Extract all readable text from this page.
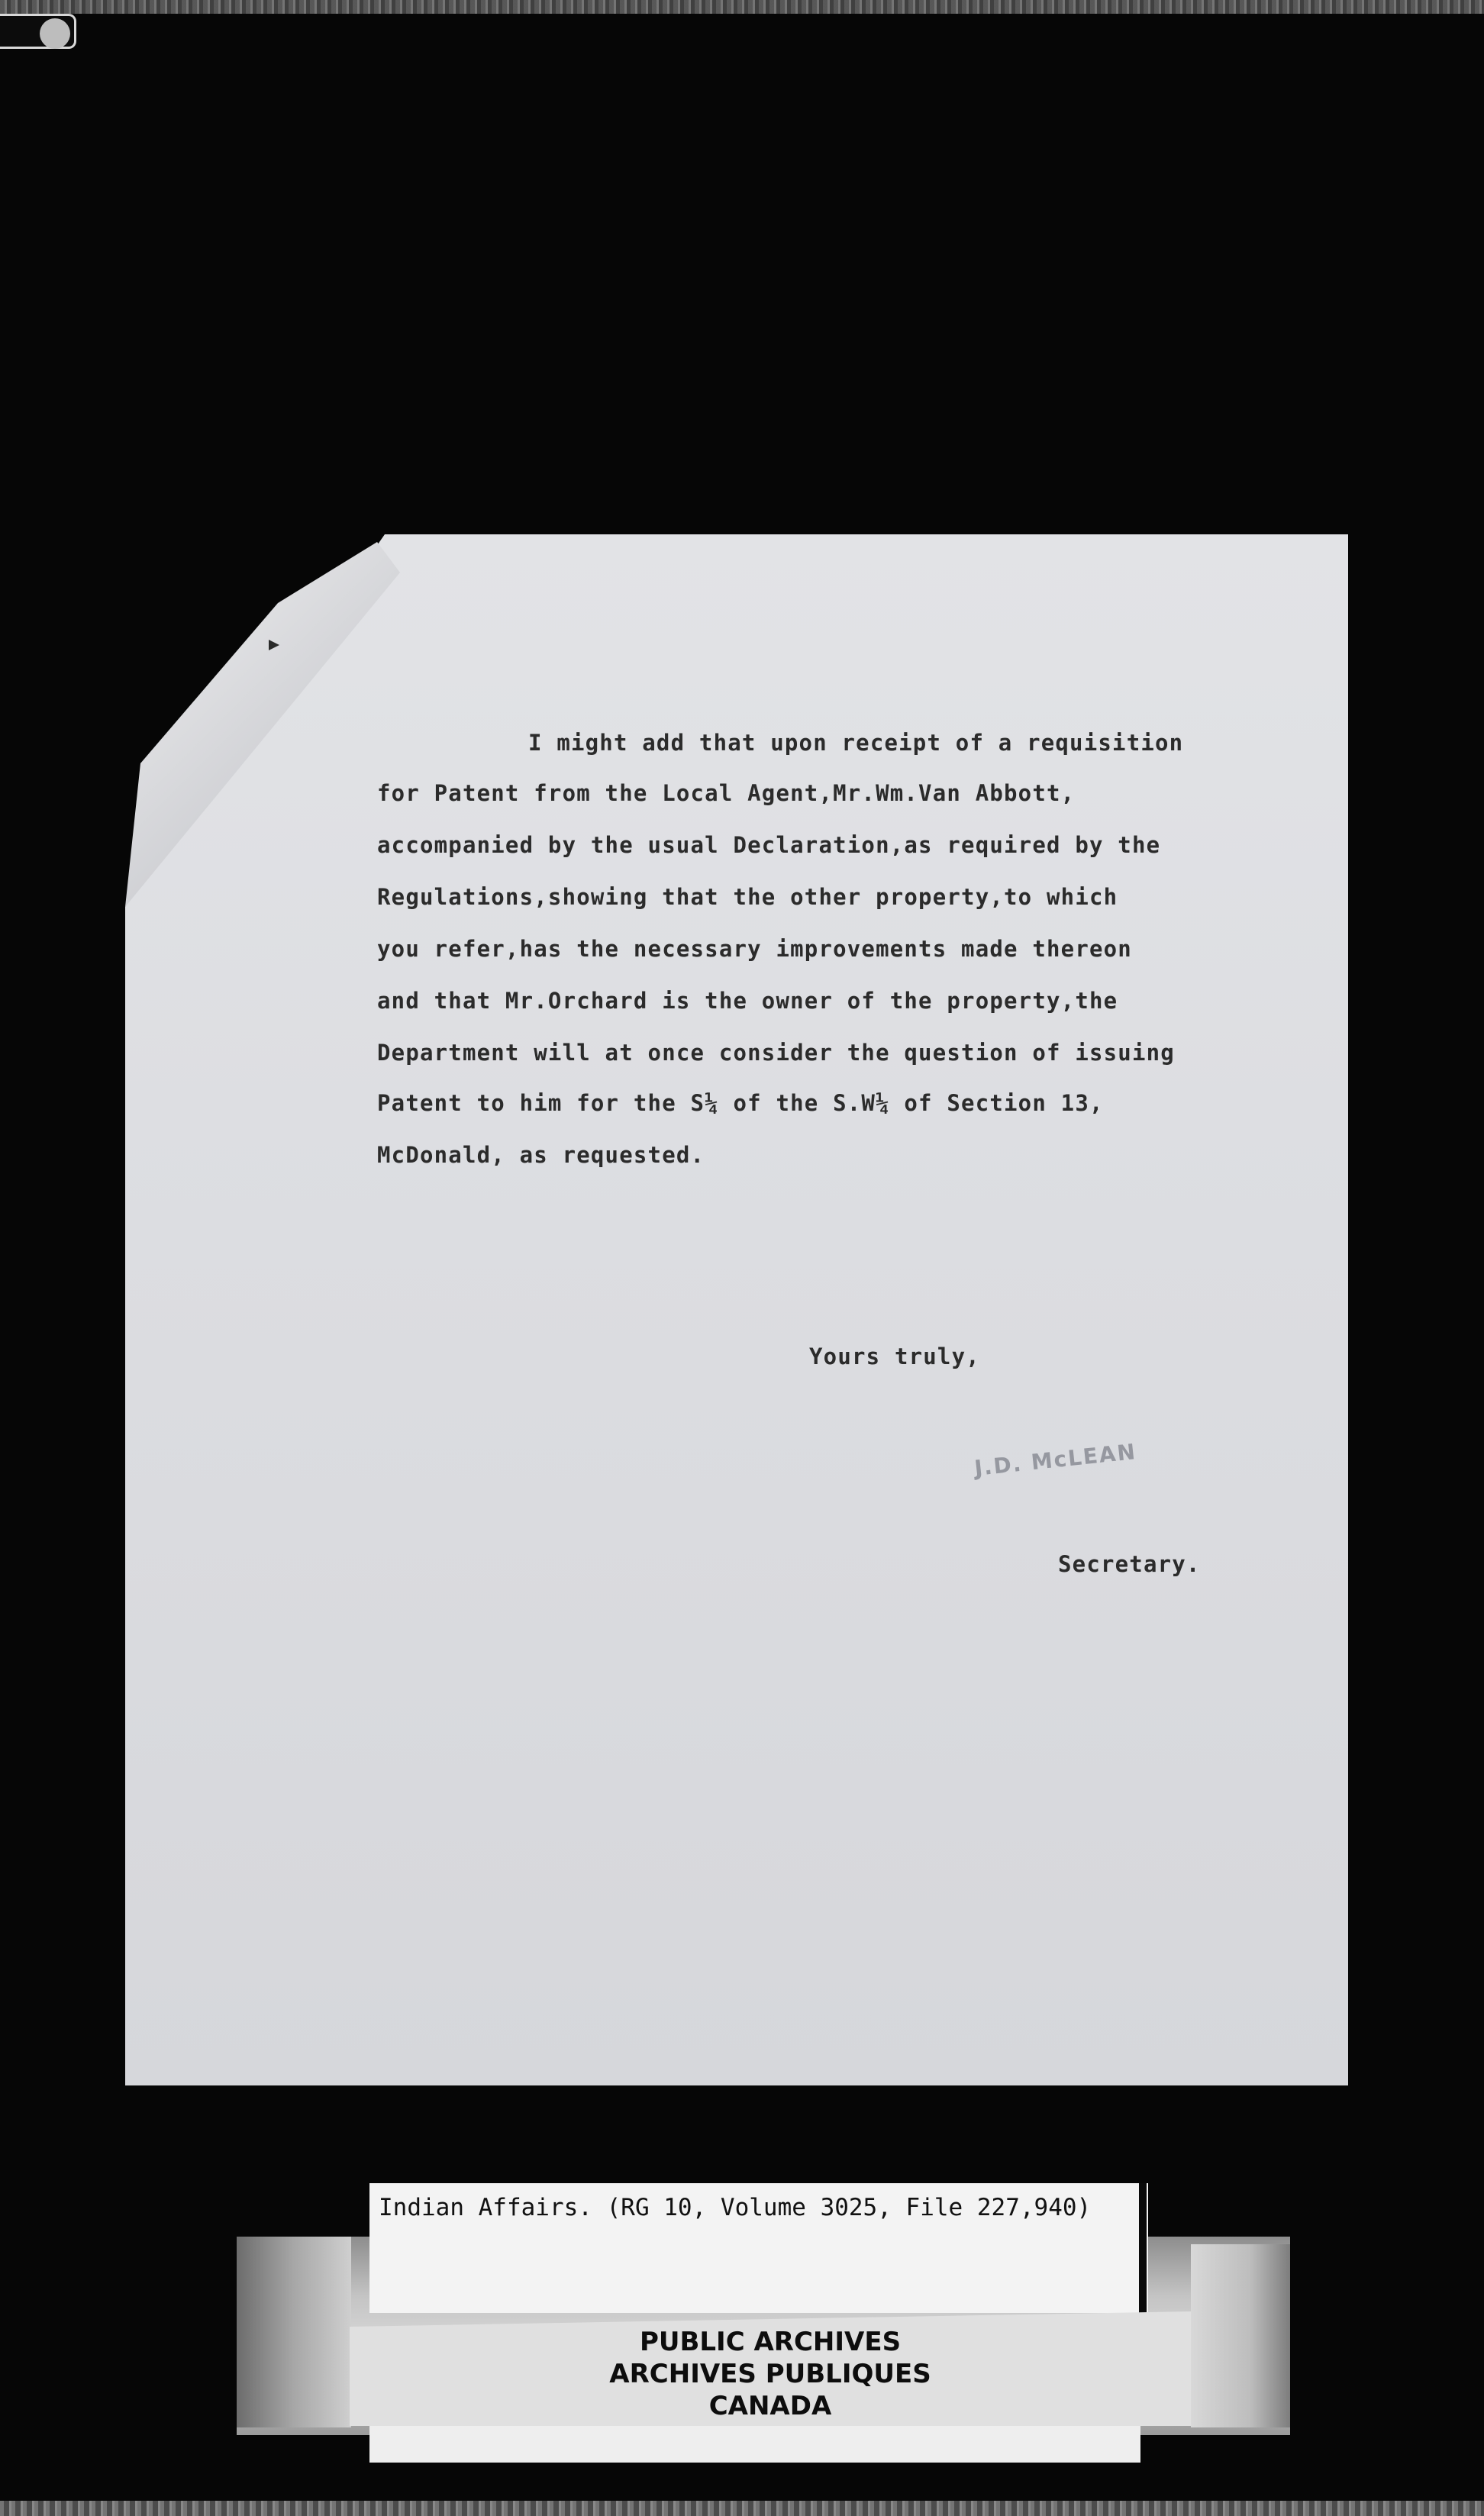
I might add that upon receipt of a requisition
for Patent from the Local Agent,Mr.Wm.Van Abbott,
accompanied by the usual Declaration,as required by the
Regulations,showing that the other property,to which
you refer,has the necessary improvements made thereon
and that Mr.Orchard is the owner of the property,the
Department will at once consider the question of issuing
Patent to him for the S¼ of the S.W¼ of Section 13,
McDonald, as requested.
Yours truly,
J.D. McLEAN
Secretary.
Indian Affairs. (RG 10, Volume 3025, File 227,940)
PUBLIC ARCHIVES
ARCHIVES PUBLIQUES
CANADA
